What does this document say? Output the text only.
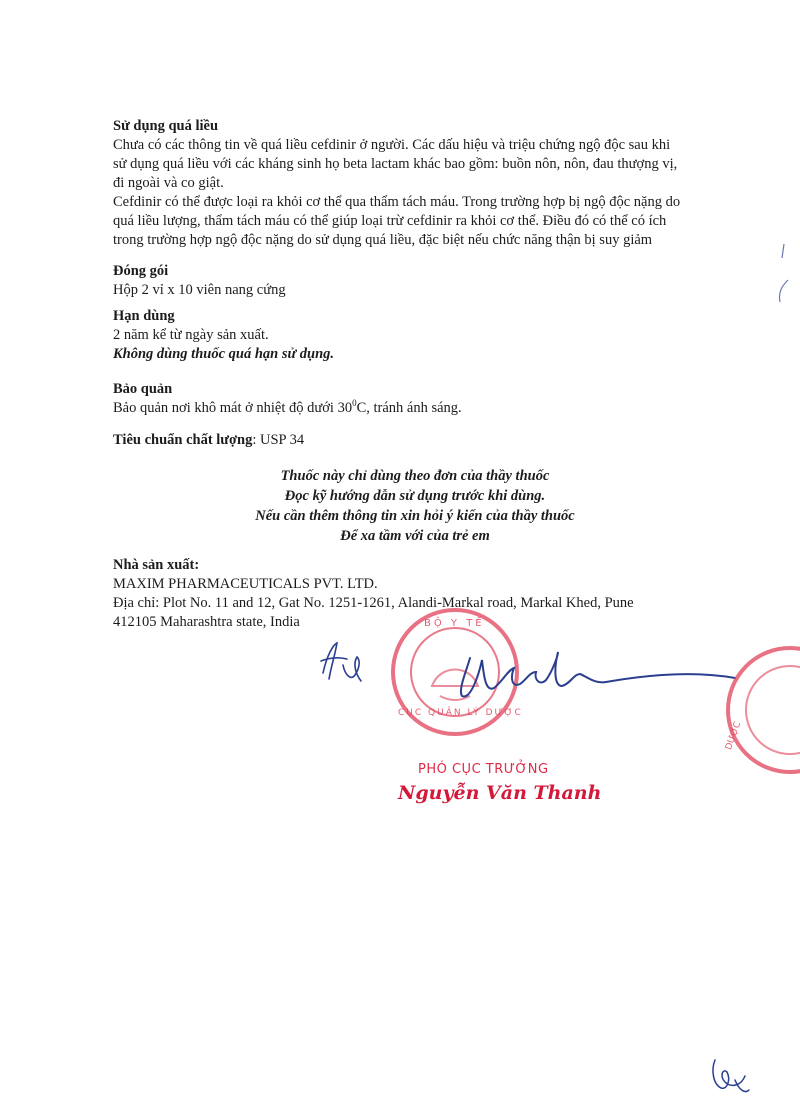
Sử dụng quá liều
Chưa có các thông tin về quá liều cefdinir ở người. Các dấu hiệu và triệu chứng ngộ độc sau khi
sử dụng quá liều với các kháng sinh họ beta lactam khác bao gồm: buồn nôn, nôn, đau thượng vị,
đi ngoài và co giật.
Cefdinir có thể được loại ra khỏi cơ thể qua thẩm tách máu. Trong trường hợp bị ngộ độc nặng do
quá liều lượng, thẩm tách máu có thể giúp loại trừ cefdinir ra khỏi cơ thể. Điều đó có thể có ích
trong trường hợp ngộ độc nặng do sử dụng quá liều, đặc biệt nếu chức năng thận bị suy giảm
Đóng gói
Hộp 2 vỉ x 10 viên nang cứng
Hạn dùng
2 năm kể từ ngày sản xuất.
Không dùng thuốc quá hạn sử dụng.
Bảo quản
Bảo quản nơi khô mát ở nhiệt độ dưới $30^0C$, tránh ánh sáng.
Tiêu chuẩn chất lượng: USP 34
Thuốc này chỉ dùng theo đơn của thầy thuốc
Đọc kỹ hướng dẫn sử dụng trước khi dùng.
Nếu cần thêm thông tin xin hỏi ý kiến của thầy thuốc
Để xa tầm với của trẻ em
Nhà sản xuất:
MAXIM PHARMACEUTICALS PVT. LTD.
Địa chỉ: Plot No. 11 and 12, Gat No. 1251-1261, Alandi-Markal road, Markal Khed, Pune
412105 Maharashtra state, India	BỘ Y TẾ
CỤC QUẢN LÝ DƯỢC
DƯỢC
PHÓ CỤC TRƯỞNG
Nguyễn Văn Thanh
